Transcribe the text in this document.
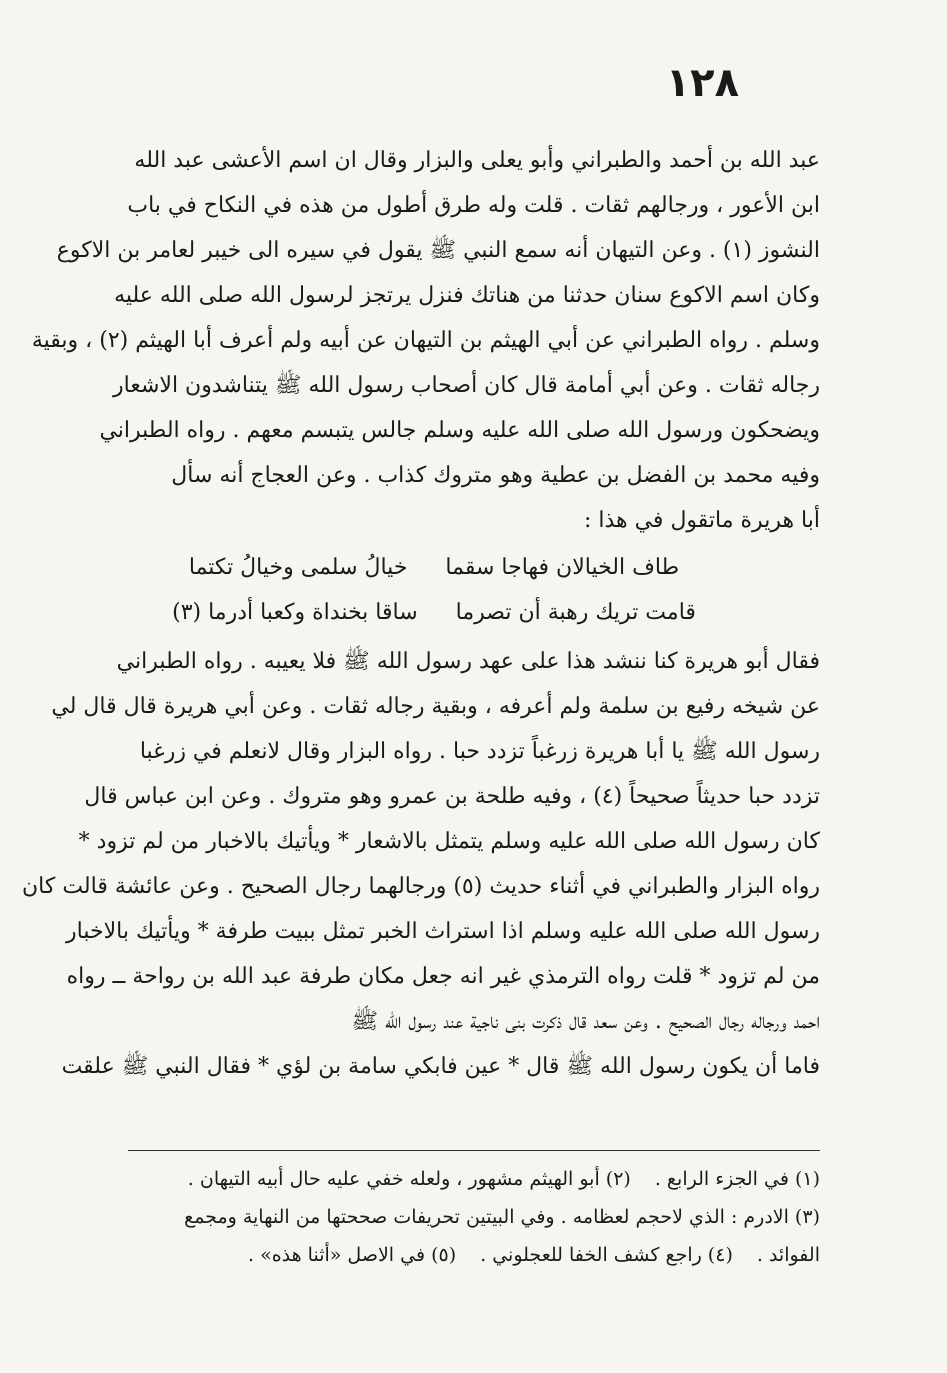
١٢٨
عبد الله بن أحمد والطبراني وأبو يعلى والبزار وقال ان اسم الأعشى عبد الله
ابن الأعور ، ورجالهم ثقات . قلت وله طرق أطول من هذه في النكاح في باب
النشوز (١) . وعن التيهان أنه سمع النبي ﷺ يقول في سيره الى خيبر لعامر بن الاكوع
وكان اسم الاكوع سنان حدثنا من هناتك فنزل يرتجز لرسول الله صلى الله عليه
وسلم . رواه الطبراني عن أبي الهيثم بن التيهان عن أبيه ولم أعرف أبا الهيثم (٢) ، وبقية
رجاله ثقات . وعن أبي أمامة قال كان أصحاب رسول الله ﷺ يتناشدون الاشعار
ويضحكون ورسول الله صلى الله عليه وسلم جالس يتبسم معهم . رواه الطبراني
وفيه محمد بن الفضل بن عطية وهو متروك كذاب . وعن العجاج أنه سأل
أبا هريرة ماتقول في هذا :
طاف الخيالان فهاجا سقما
خيالُ سلمى وخيالُ تكتما
قامت تريك رهبة أن تصرما
ساقا بخنداة وكعبا أدرما (٣)
فقال أبو هريرة كنا ننشد هذا على عهد رسول الله ﷺ فلا يعيبه . رواه الطبراني
عن شيخه رفيع بن سلمة ولم أعرفه ، وبقية رجاله ثقات . وعن أبي هريرة قال قال لي
رسول الله ﷺ يا أبا هريرة زرغباً تزدد حبا . رواه البزار وقال لانعلم في زرغبا
تزدد حبا حديثاً صحيحاً (٤) ، وفيه طلحة بن عمرو وهو متروك . وعن ابن عباس قال
كان رسول الله صلى الله عليه وسلم يتمثل بالاشعار * ويأتيك بالاخبار من لم تزود *
رواه البزار والطبراني في أثناء حديث (٥) ورجالهما رجال الصحيح . وعن عائشة قالت كان
رسول الله صلى الله عليه وسلم اذا استراث الخبر تمثل ببيت طرفة * ويأتيك بالاخبار
من لم تزود * قلت رواه الترمذي غير انه جعل مكان طرفة عبد الله بن رواحة ــ رواه
احمد ورجاله رجال الصحيح . وعن سعد قال ذكرت بنى ناجية عند رسول الله ﷺ
فاما أن يكون رسول الله ﷺ قال * عين فابكي سامة بن لؤي * فقال النبي ﷺ علقت
(١) في الجزء الرابع .(٢) أبو الهيثم مشهور ، ولعله خفي عليه حال أبيه التيهان .
(٣) الادرم : الذي لاحجم لعظامه . وفي البيتين تحريفات صححتها من النهاية ومجمع
الفوائد .(٤) راجع كشف الخفا للعجلوني .(٥) في الاصل «أثنا هذه» .
